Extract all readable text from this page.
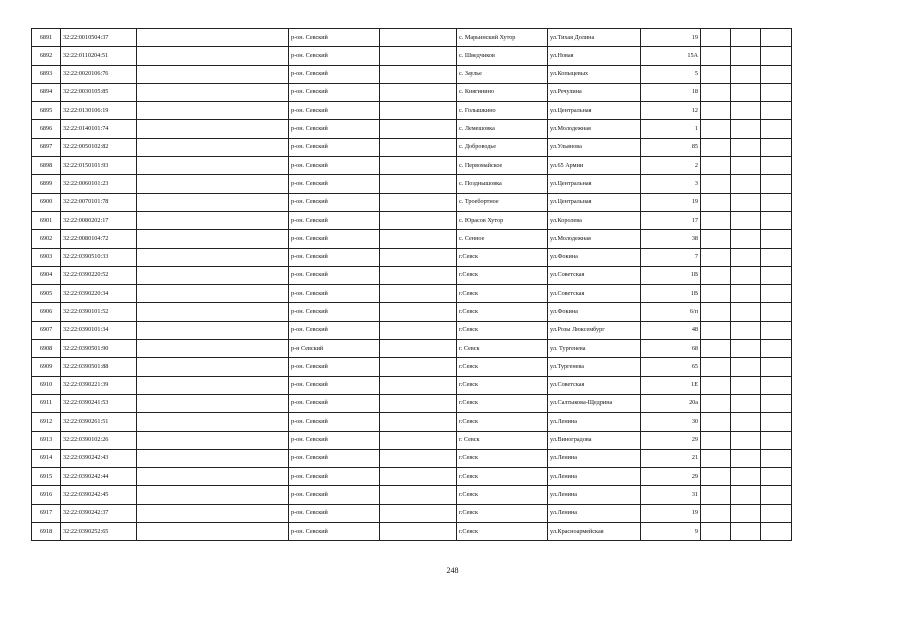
6891	32:22:0010504:37		р-он. Севский		с. Марьинский Хутор	ул.Тихая Долина	19			
6892	32:22:0110204:51		р-он. Севский		с. Шведчиков	ул.Новая	15А			
6893	32:22:0020106:76		р-он. Севский		с. Заулье	ул.Копыцевых	5			
6894	32:22:0030105:85		р-он. Севский		с. Княгинино	ул.Речулина	18			
6895	32:22:0130106:19		р-он. Севский		с. Голышкино	ул.Центральная	12			
6896	32:22:0140101:74		р-он. Севский		с. Лемешовка	ул.Молодежная	1			
6897	32:22:0050102:82		р-он. Севский		с. Доброводье	ул.Ульянова	85			
6898	32:22:0150101:93		р-он. Севский		с. Первомайское	ул.65 Армии	2			
6899	32:22:0060101:23		р-он. Севский		с. Позднышовка	ул.Центральная	3			
6900	32:22:0070101:78		р-он. Севский		с. Троебортное	ул.Центральная	19			
6901	32:22:0080202:17		р-он. Севский		с. Юрасов Хутор	ул.Королева	17			
6902	32:22:0080104:72		р-он. Севский		с. Сенное	ул.Молодежная	38			
6903	32:22:0390510:33		р-он. Севский		г.Севск	ул.Фокина	7			
6904	32:22:0390220:52		р-он. Севский		г.Севск	ул.Советская	1В			
6905	32:22:0390220:34		р-он. Севский		г.Севск	ул.Советская	1В			
6906	32:22:0390101:52		р-он. Севский		г.Севск	ул.Фокина	6/п			
6907	32:22:0390101:34		р-он. Севский		г.Севск	ул.Розы Люксембург	48			
6908	32:22:0390501:90		р-н Севский		г. Севск	ул. Тургенева	68			
6909	32:22:0390501:88		р-он. Севский		г.Севск	ул.Тургенева	65			
6910	32:22:0390221:39		р-он. Севский		г.Севск	ул.Советская	1Е			
6911	32:22:0390241:53		р-он. Севский		г.Севск	ул.Салтыкова-Щедрина	20а			
6912	32:22:0390261:51		р-он. Севский		г.Севск	ул.Ленина	30			
6913	32:22:0390102:26		р-он. Севский		г. Севск	ул.Виноградова	29			
6914	32:22:0390242:43		р-он. Севский		г.Севск	ул.Ленина	21			
6915	32:22:0390242:44		р-он. Севский		г.Севск	ул.Ленина	29			
6916	32:22:0390242:45		р-он. Севский		г.Севск	ул.Ленина	31			
6917	32:22:0390242:37		р-он. Севский		г.Севск	ул.Ленина	19			
6918	32:22:0390252:65		р-он. Севский		г.Севск	ул.Красноармейская	9			
248
